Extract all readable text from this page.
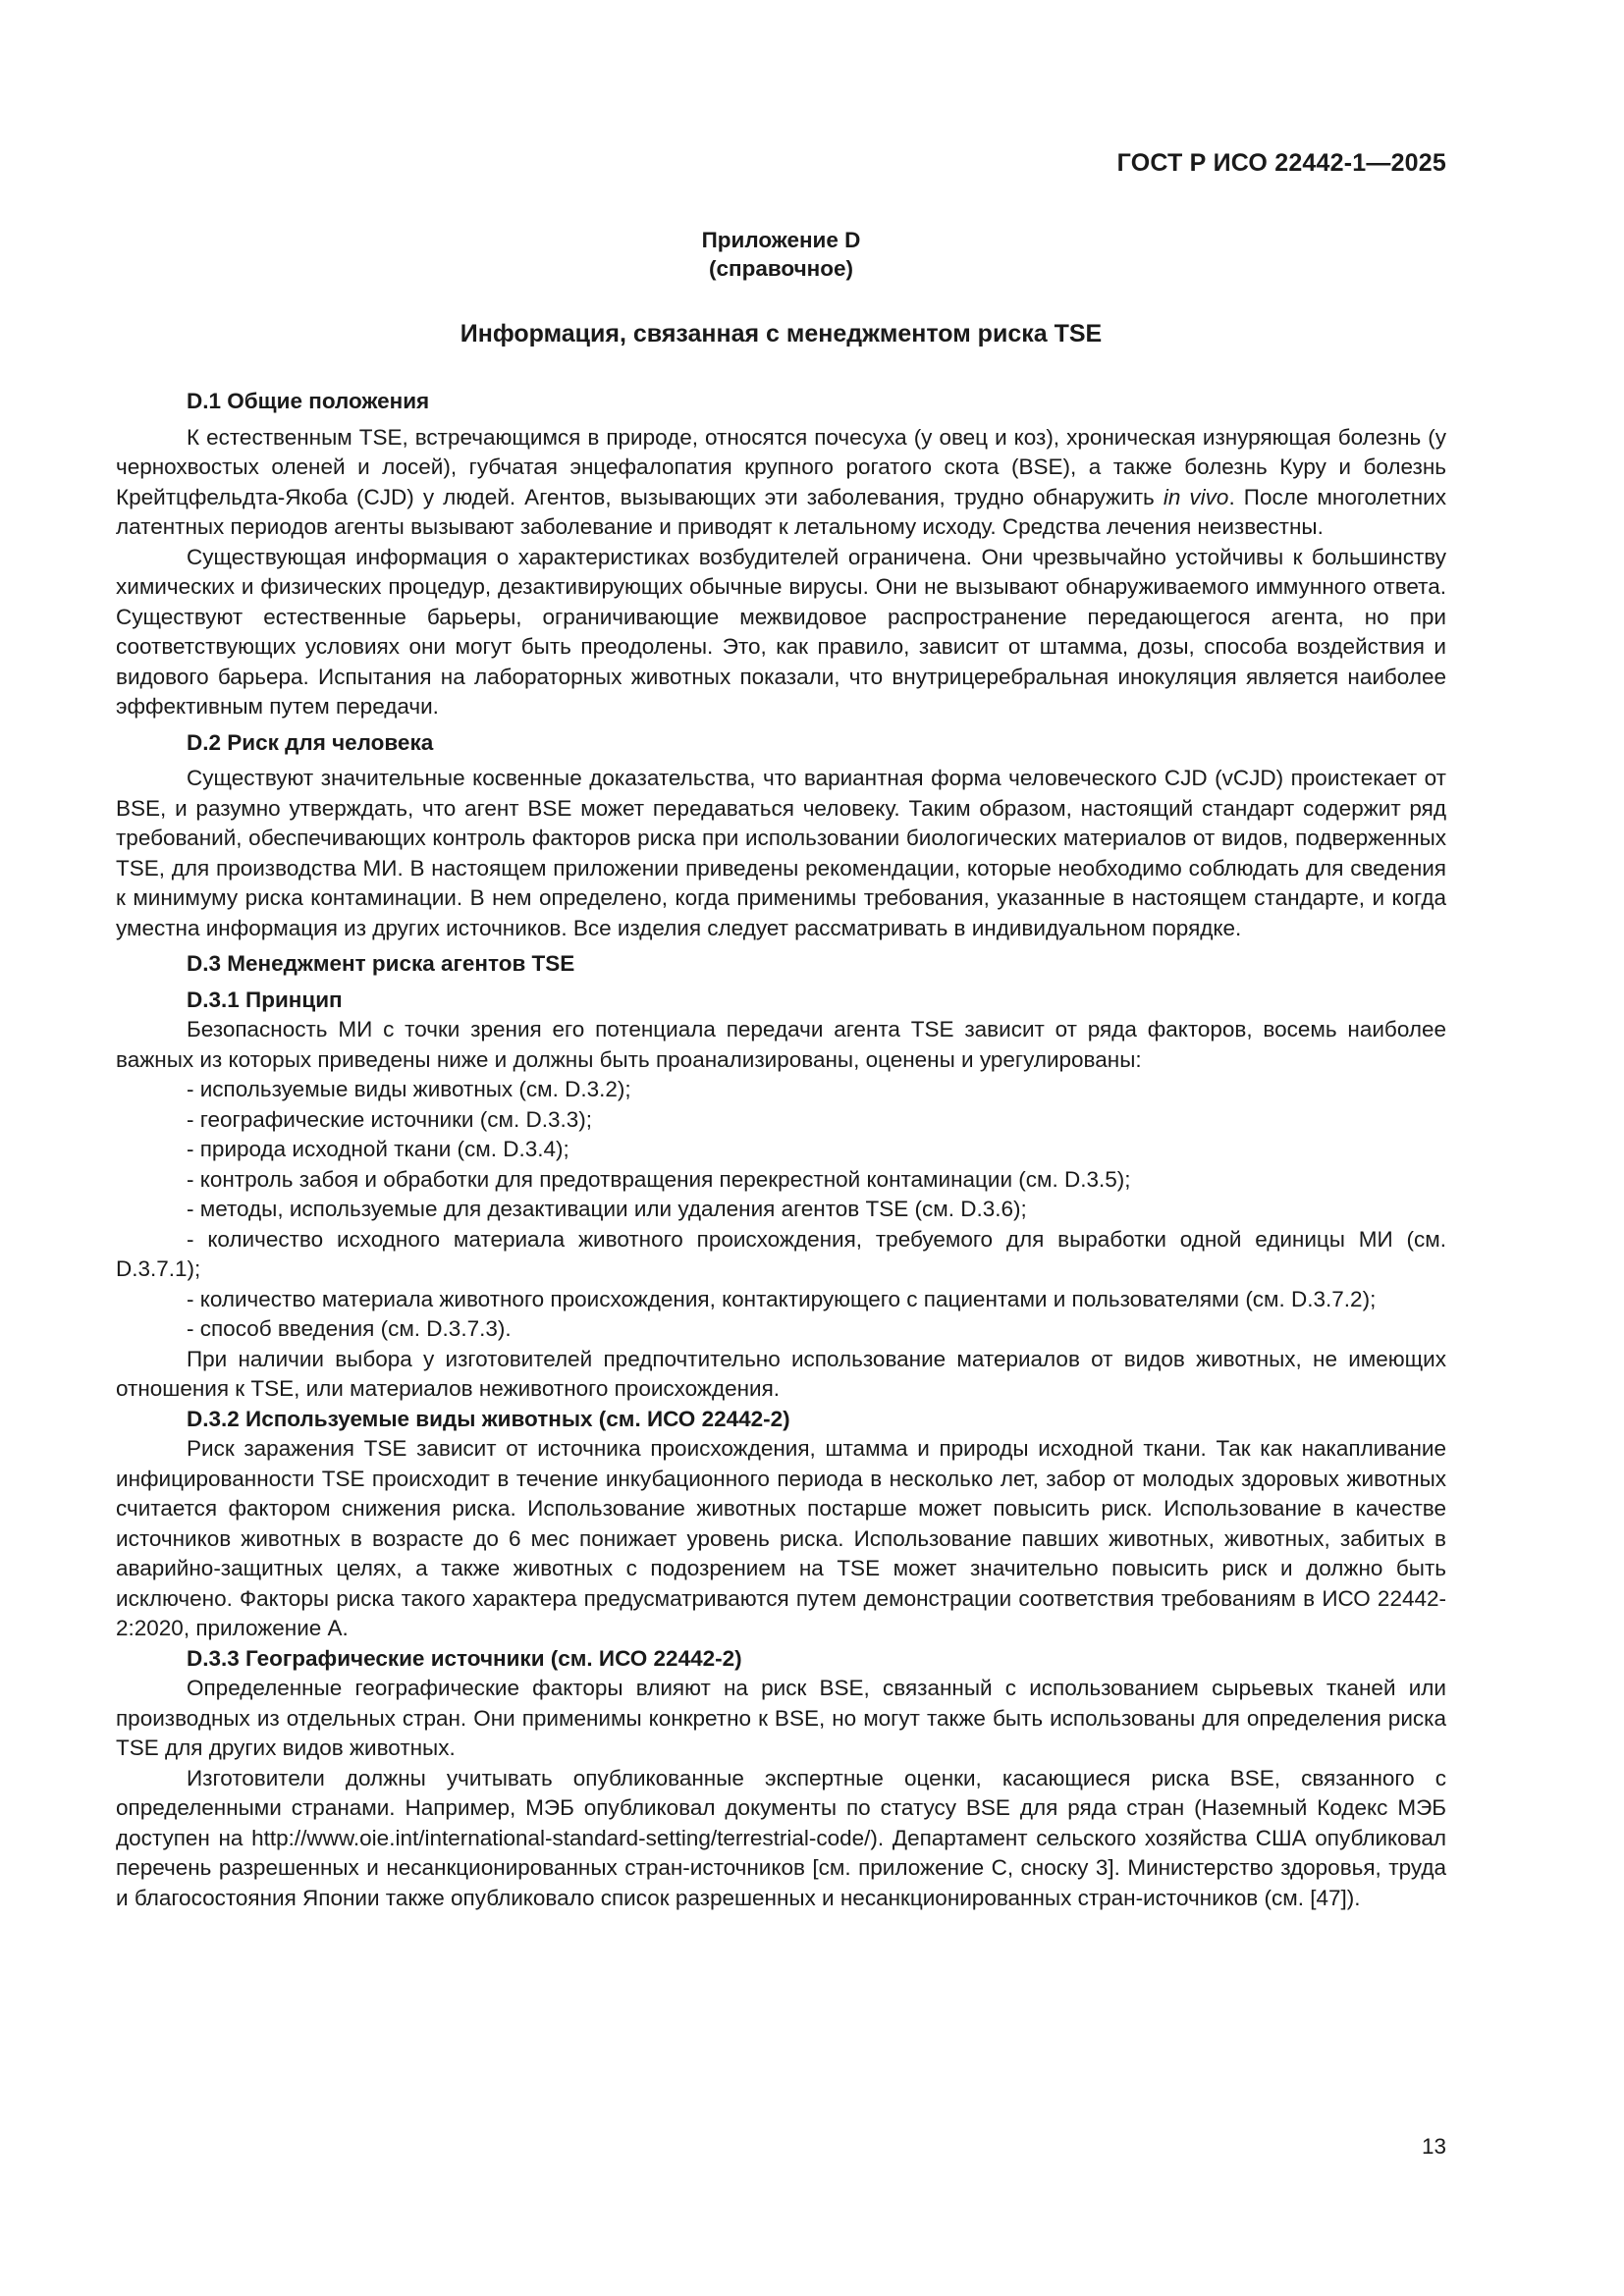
ГОСТ Р ИСО 22442-1—2025
Приложение D
(справочное)
Информация, связанная с менеджментом риска TSE
D.1 Общие положения

К естественным TSE, встречающимся в природе, относятся почесуха (у овец и коз), хроническая изнуряющая болезнь (у чернохвостых оленей и лосей), губчатая энцефалопатия крупного рогатого скота (BSE), а также болезнь Куру и болезнь Крейтцфельдта-Якоба (CJD) у людей. Агентов, вызывающих эти заболевания, трудно обнаружить in vivo. После многолетних латентных периодов агенты вызывают заболевание и приводят к летальному исходу. Средства лечения неизвестны.

Существующая информация о характеристиках возбудителей ограничена. Они чрезвычайно устойчивы к большинству химических и физических процедур, дезактивирующих обычные вирусы. Они не вызывают обнаруживаемого иммунного ответа. Существуют естественные барьеры, ограничивающие межвидовое распространение передающегося агента, но при соответствующих условиях они могут быть преодолены. Это, как правило, зависит от штамма, дозы, способа воздействия и видового барьера. Испытания на лабораторных животных показали, что внутрицеребральная инокуляция является наиболее эффективным путем передачи.

D.2 Риск для человека

Существуют значительные косвенные доказательства, что вариантная форма человеческого CJD (vCJD) проистекает от BSE, и разумно утверждать, что агент BSE может передаваться человеку. Таким образом, настоящий стандарт содержит ряд требований, обеспечивающих контроль факторов риска при использовании биологических материалов от видов, подверженных TSE, для производства МИ. В настоящем приложении приведены рекомендации, которые необходимо соблюдать для сведения к минимуму риска контаминации. В нем определено, когда применимы требования, указанные в настоящем стандарте, и когда уместна информация из других источников. Все изделия следует рассматривать в индивидуальном порядке.

D.3 Менеджмент риска агентов TSE
D.3.1 Принцип

Безопасность МИ с точки зрения его потенциала передачи агента TSE зависит от ряда факторов, восемь наиболее важных из которых приведены ниже и должны быть проанализированы, оценены и урегулированы:

- используемые виды животных (см. D.3.2);

- географические источники (см. D.3.3);

- природа исходной ткани (см. D.3.4);

- контроль забоя и обработки для предотвращения перекрестной контаминации (см. D.3.5);

- методы, используемые для дезактивации или удаления агентов TSE (см. D.3.6);

- количество исходного материала животного происхождения, требуемого для выработки одной единицы МИ (см. D.3.7.1);

- количество материала животного происхождения, контактирующего с пациентами и пользователями (см. D.3.7.2);

- способ введения (см. D.3.7.3).

При наличии выбора у изготовителей предпочтительно использование материалов от видов животных, не имеющих отношения к TSE, или материалов неживотного происхождения.

D.3.2 Используемые виды животных (см. ИСО 22442-2)

Риск заражения TSE зависит от источника происхождения, штамма и природы исходной ткани. Так как накапливание инфицированности TSE происходит в течение инкубационного периода в несколько лет, забор от молодых здоровых животных считается фактором снижения риска. Использование животных постарше может повысить риск. Использование в качестве источников животных в возрасте до 6 мес понижает уровень риска. Использование павших животных, животных, забитых в аварийно-защитных целях, а также животных с подозрением на TSE может значительно повысить риск и должно быть исключено. Факторы риска такого характера предусматриваются путем демонстрации соответствия требованиям в ИСО 22442-2:2020, приложение А.

D.3.3 Географические источники (см. ИСО 22442-2)

Определенные географические факторы влияют на риск BSE, связанный с использованием сырьевых тканей или производных из отдельных стран. Они применимы конкретно к BSE, но могут также быть использованы для определения риска TSE для других видов животных.

Изготовители должны учитывать опубликованные экспертные оценки, касающиеся риска BSE, связанного с определенными странами. Например, МЭБ опубликовал документы по статусу BSE для ряда стран (Наземный Кодекс МЭБ доступен на http://www.oie.int/international-standard-setting/terrestrial-code/). Департамент сельского хозяйства США опубликовал перечень разрешенных и несанкционированных стран-источников [см. приложение С, сноску 3]. Министерство здоровья, труда и благосостояния Японии также опубликовало список разрешенных и несанкционированных стран-источников (см. [47]).

13
